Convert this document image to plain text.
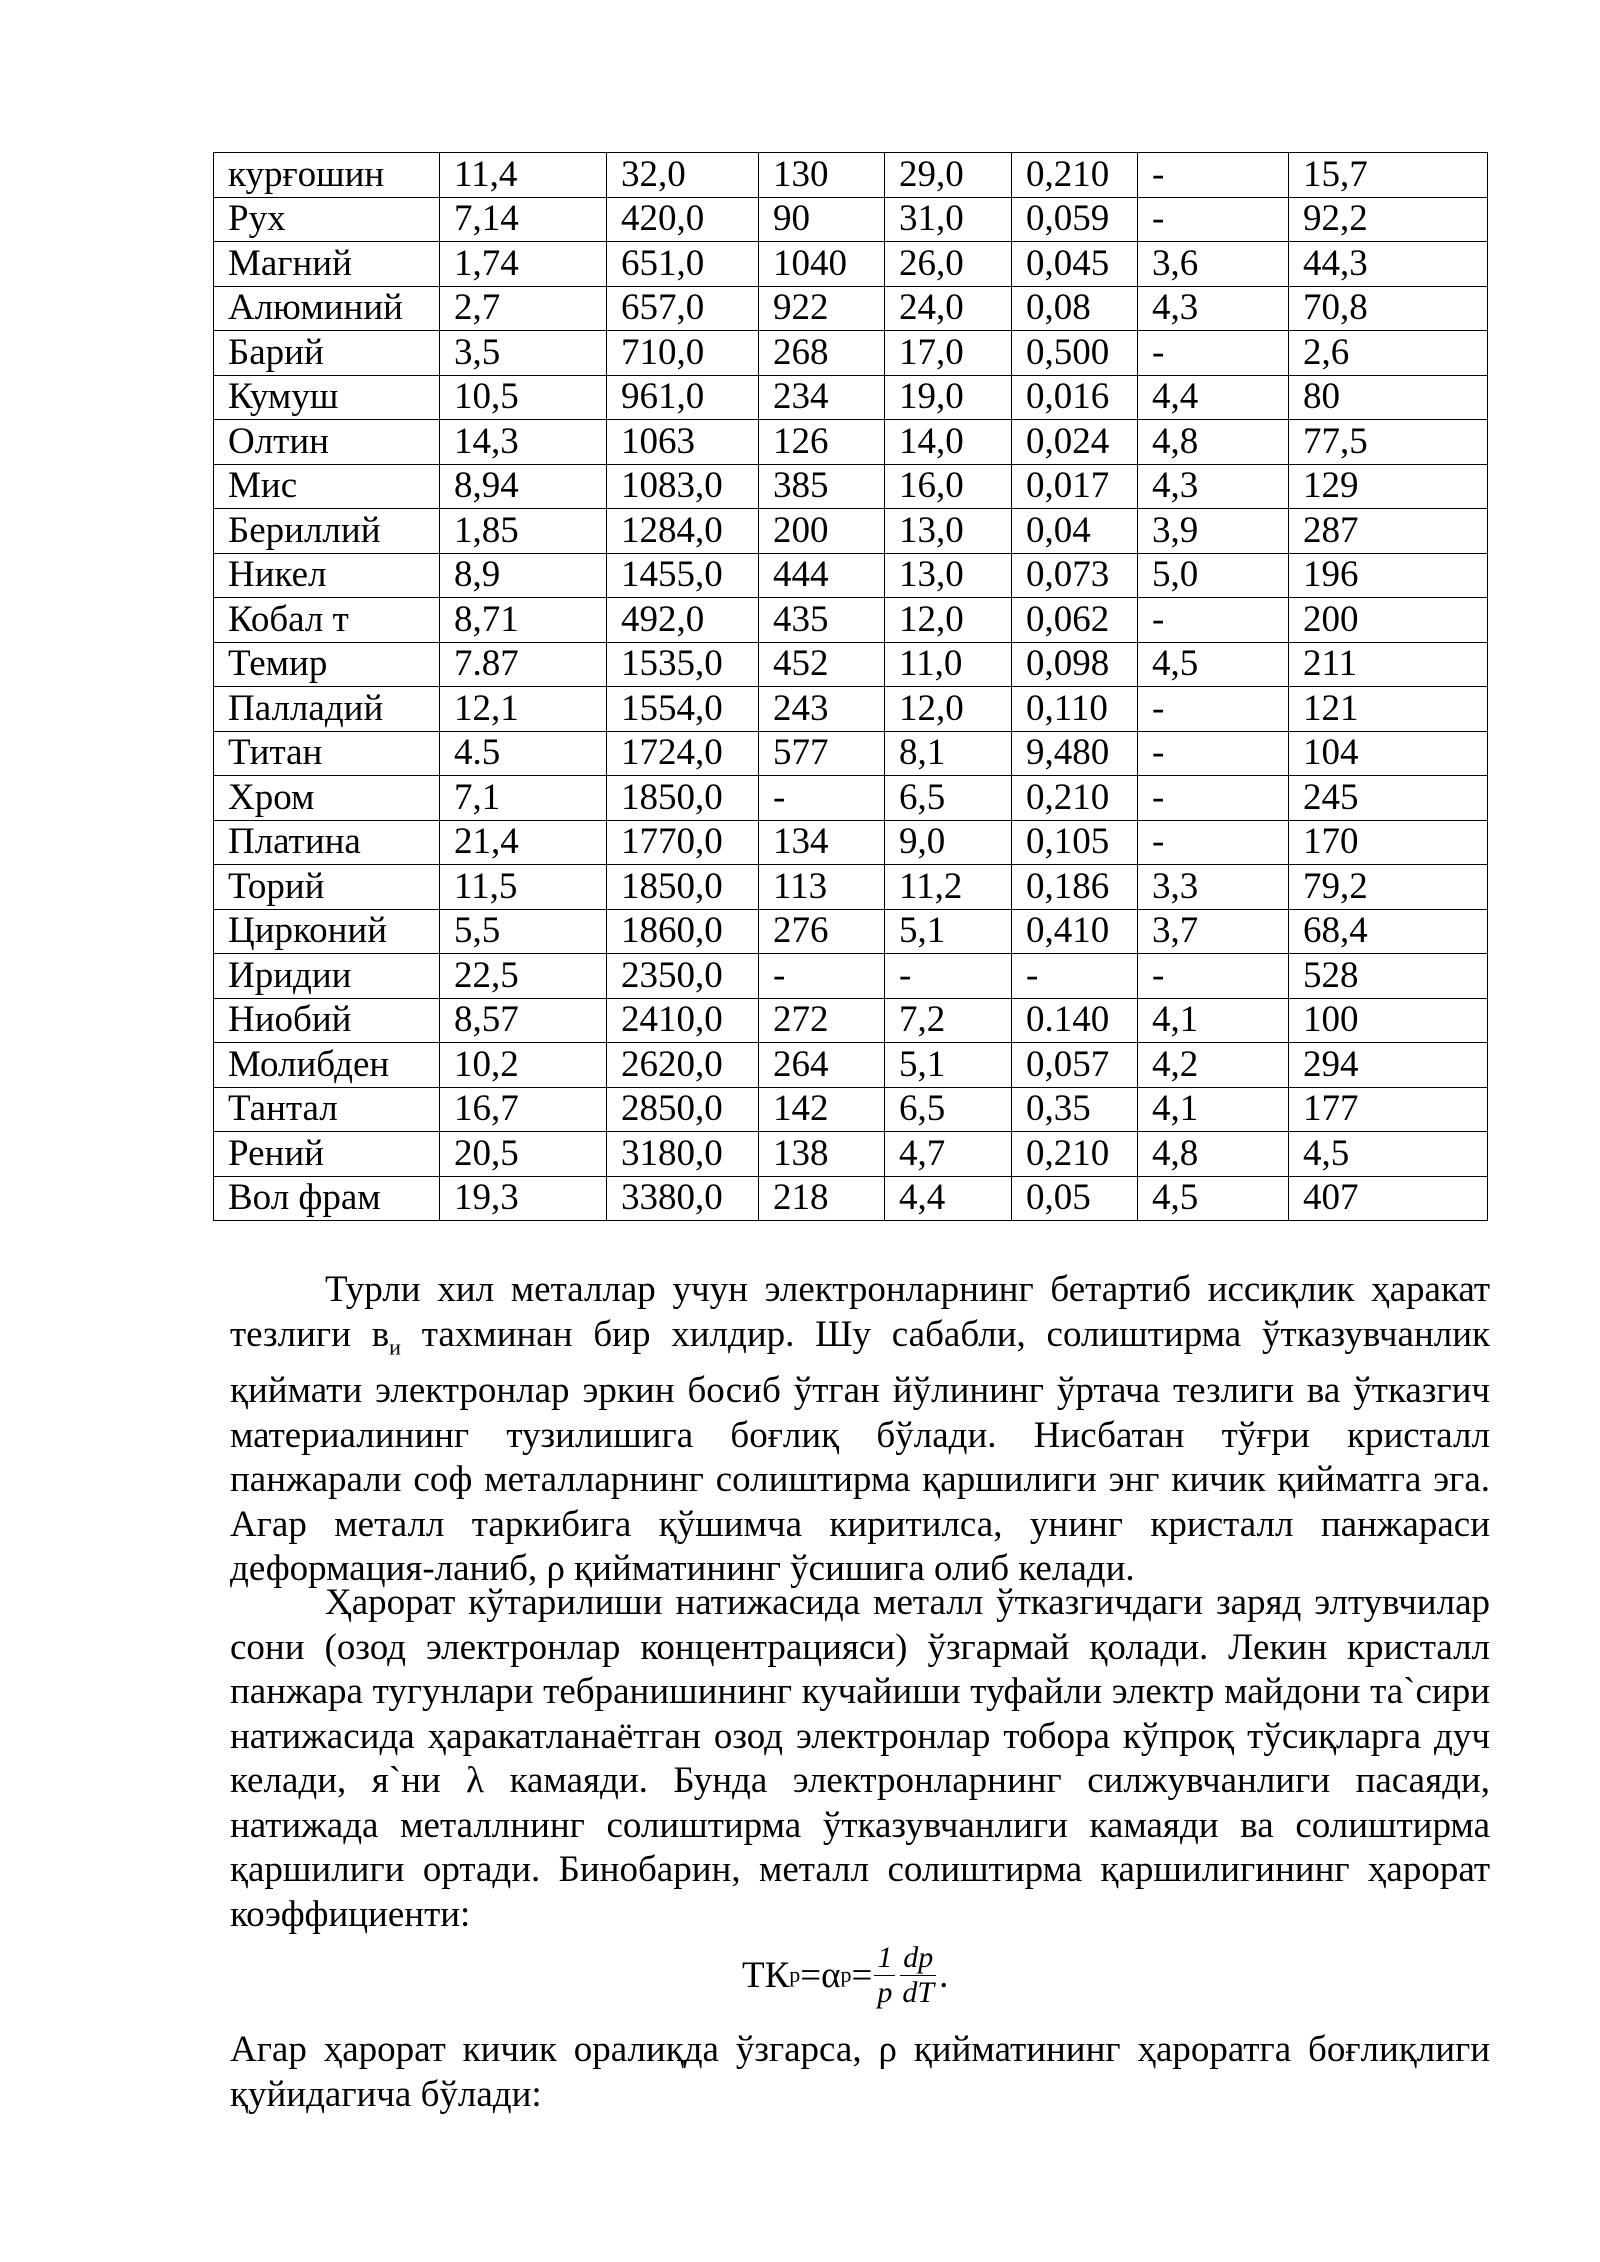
курғошин	11,4	32,0	130	29,0	0,210	-	15,7
Рух	7,14	420,0	90	31,0	0,059	-	92,2
Магний	1,74	651,0	1040	26,0	0,045	3,6	44,3
Алюминий	2,7	657,0	922	24,0	0,08	4,3	70,8
Барий	3,5	710,0	268	17,0	0,500	-	2,6
Кумуш	10,5	961,0	234	19,0	0,016	4,4	80
Олтин	14,3	1063	126	14,0	0,024	4,8	77,5
Мис	8,94	1083,0	385	16,0	0,017	4,3	129
Бериллий	1,85	1284,0	200	13,0	0,04	3,9	287
Никел	8,9	1455,0	444	13,0	0,073	5,0	196
Кобал т	8,71	492,0	435	12,0	0,062	-	200
Темир	7.87	1535,0	452	11,0	0,098	4,5	211
Палладий	12,1	1554,0	243	12,0	0,110	-	121
Титан	4.5	1724,0	577	8,1	9,480	-	104
Хром	7,1	1850,0	-	6,5	0,210	-	245
Платина	21,4	1770,0	134	9,0	0,105	-	170
Торий	11,5	1850,0	113	11,2	0,186	3,3	79,2
Цирконий	5,5	1860,0	276	5,1	0,410	3,7	68,4
Иридии	22,5	2350,0	-	-	-	-	528
Ниобий	8,57	2410,0	272	7,2	0.140	4,1	100
Молибден	10,2	2620,0	264	5,1	0,057	4,2	294
Тантал	16,7	2850,0	142	6,5	0,35	4,1	177
Рений	20,5	3180,0	138	4,7	0,210	4,8	4,5
Вол фрам	19,3	3380,0	218	4,4	0,05	4,5	407

Турли хил металлар учун электронларнинг бетартиб иссиқлик ҳаракат тезлиги $в_и$ тахминан бир хилдир. Шу сабабли, солиштирма ўтказувчанлик қиймати электронлар эркин босиб ўтган йўлининг ўртача тезлиги ва ўтказгич материалининг тузилишига боғлиқ бўлади. Нисбатан тўғри кристалл панжарали соф металларнинг солиштирма қаршилиги энг кичик қийматга эга. Агар металл таркибига қўшимча киритилса, унинг кристалл панжараси деформация-ланиб, ρ қийматининг ўсишига олиб келади.

Ҳарорат кўтарилиши натижасида металл ўтказгичдаги заряд элтувчилар сони (озод электронлар концентрацияси) ўзгармай қолади. Лекин кристалл панжара тугунлари тебранишининг кучайиши туфайли электр майдони та`сири натижасида ҳаракатланаётган озод электронлар тобора кўпроқ тўсиқларга дуч келади, я`ни λ камаяди. Бунда электронларнинг силжувчанлиги пасаяди, натижада металлнинг солиштирма ўтказувчанлиги камаяди ва солиштирма қаршилиги ортади. Бинобарин, металл солиштирма қаршилигининг ҳарорат коэффициенти:

ТК р =α $р = \frac{1}{p} \frac{dp}{dT}$ .

Агар ҳарорат кичик оралиқда ўзгарса, ρ қийматининг ҳароратга боғлиқлиги қуйидагича бўлади:
